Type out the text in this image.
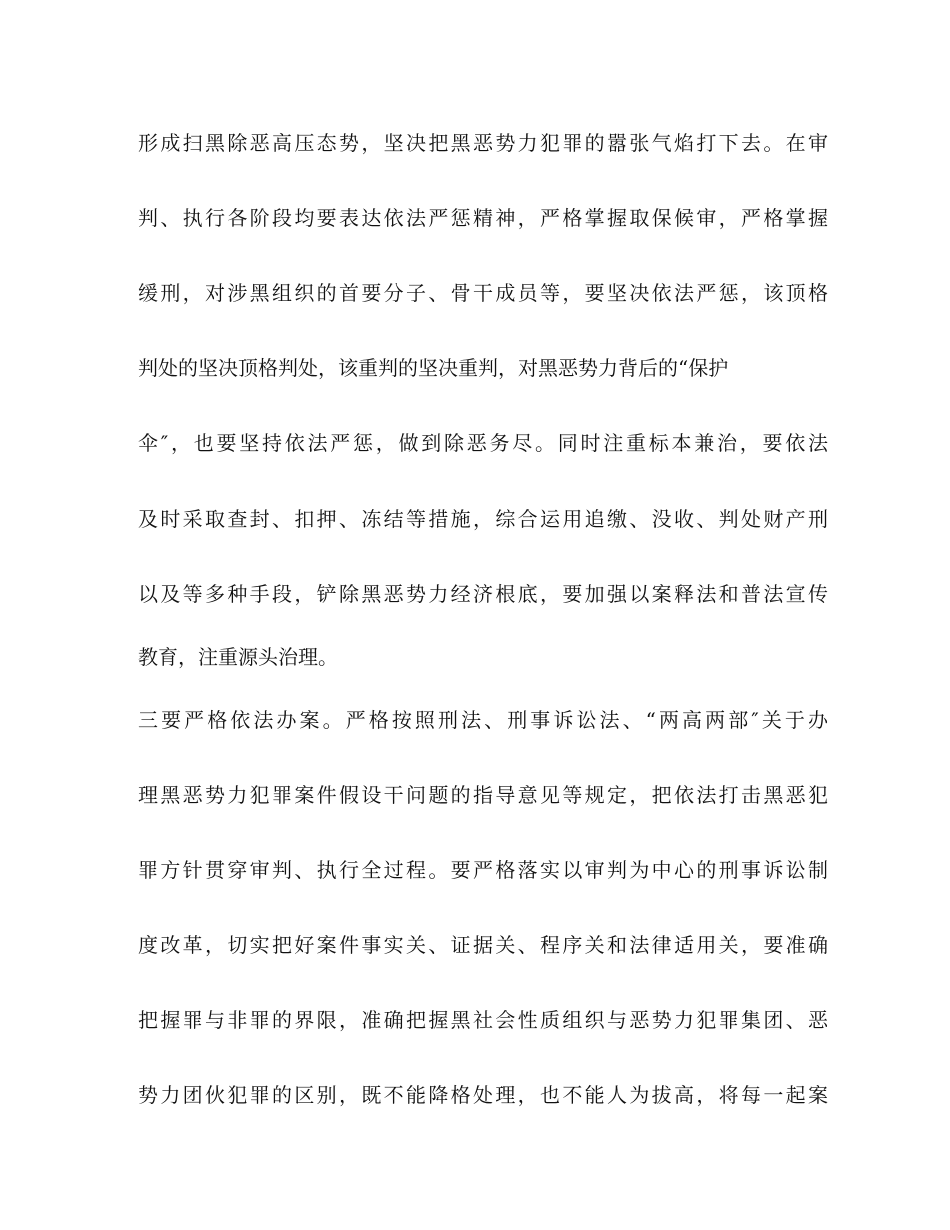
形成扫黑除恶高压态势，坚决把黑恶势力犯罪的嚣张气焰打下去。在审

判、执行各阶段均要表达依法严惩精神，严格掌握取保候审，严格掌握

缓刑，对涉黑组织的首要分子、骨干成员等，要坚决依法严惩，该顶格

判处的坚决顶格判处，该重判的坚决重判，对黑恶势力背后的“保护

伞″，也要坚持依法严惩，做到除恶务尽。同时注重标本兼治，要依法

及时采取查封、扣押、冻结等措施，综合运用追缴、没收、判处财产刑

以及等多种手段，铲除黑恶势力经济根底，要加强以案释法和普法宣传

教育，注重源头治理。

三要严格依法办案。严格按照刑法、刑事诉讼法、“两高两部″关于办

理黑恶势力犯罪案件假设干问题的指导意见等规定，把依法打击黑恶犯

罪方针贯穿审判、执行全过程。要严格落实以审判为中心的刑事诉讼制

度改革，切实把好案件事实关、证据关、程序关和法律适用关，要准确

把握罪与非罪的界限，准确把握黑社会性质组织与恶势力犯罪集团、恶

势力团伙犯罪的区别，既不能降格处理，也不能人为拔高，将每一起案
